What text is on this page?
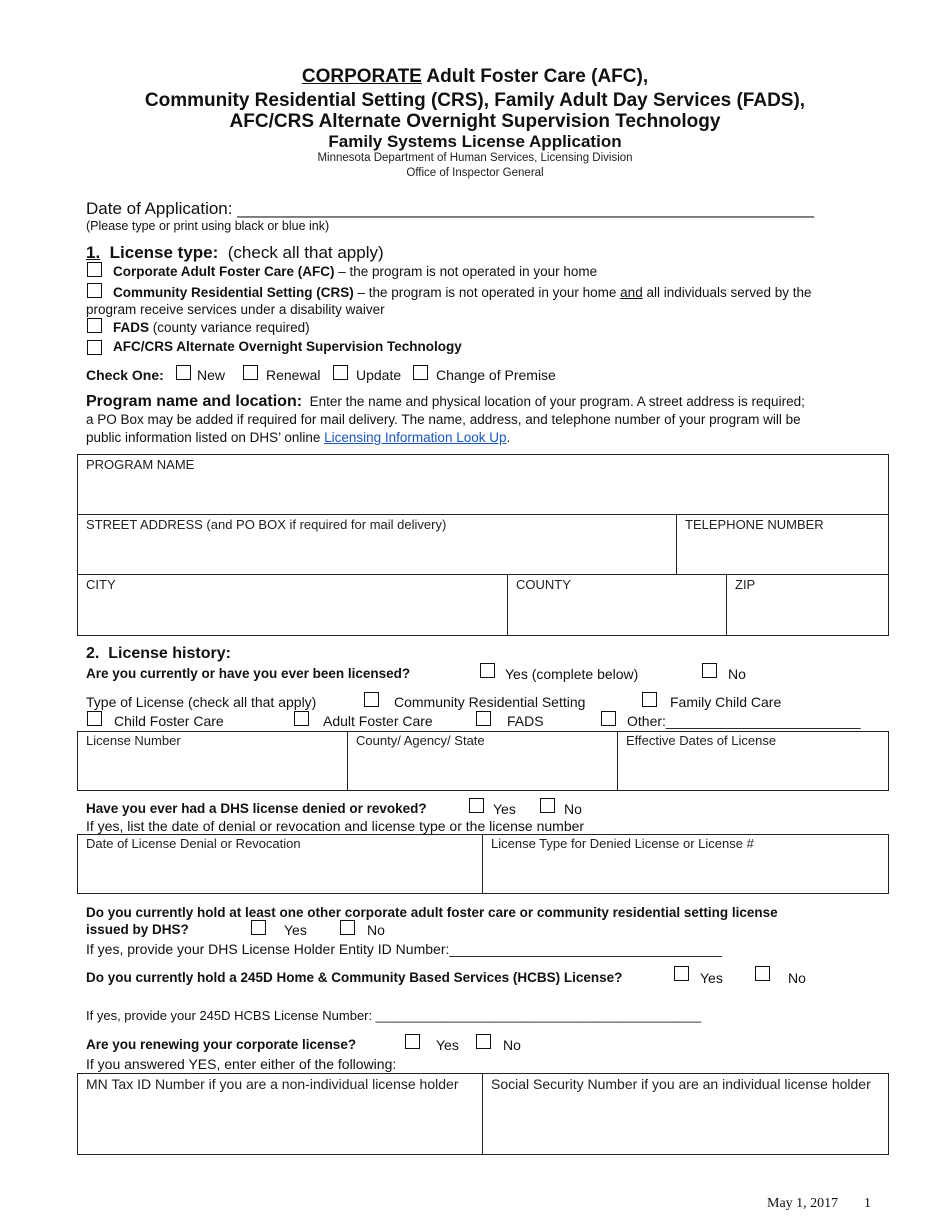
CORPORATE Adult Foster Care (AFC),
Community Residential Setting (CRS), Family Adult Day Services (FADS),
AFC/CRS Alternate Overnight Supervision Technology
Family Systems License Application
Minnesota Department of Human Services, Licensing Division
Office of Inspector General
Date of Application: _____________________________________________________________
(Please type or print using black or blue ink)
1. License type: (check all that apply)
Corporate Adult Foster Care (AFC) – the program is not operated in your home
Community Residential Setting (CRS) – the program is not operated in your home and all individuals served by the
program receive services under a disability waiver
FADS (county variance required)
AFC/CRS Alternate Overnight Supervision Technology
Check One: New	Renewal	Update Change of Premise
Program name and location: Enter the name and physical location of your program. A street address is required;
a PO Box may be added if required for mail delivery. The name, address, and telephone number of your program will be
public information listed on DHS’ online Licensing Information Look Up.
PROGRAM NAME
STREET ADDRESS (and PO BOX if required for mail delivery)	TELEPHONE NUMBER
CITY	COUNTY	ZIP
2. License history:
Are you currently or have you ever been licensed?	Yes (complete below)	No
Type of License (check all that apply)	Community Residential Setting	Family Child Care
Child Foster Care	Adult Foster Care	FADS	Other:_________________________
License Number	County/ Agency/ State	Effective Dates of License
Have you ever had a DHS license denied or revoked?	Yes	No
If yes, list the date of denial or revocation and license type or the license number
Date of License Denial or Revocation	License Type for Denied License or License #
Do you currently hold at least one other corporate adult foster care or community residential setting license
issued by DHS?	Yes	No
If yes, provide your DHS License Holder Entity ID Number:___________________________________
Do you currently hold a 245D Home & Community Based Services (HCBS) License?	Yes	No
If yes, provide your 245D HCBS License Number: _____________________________________________
Are you renewing your corporate license?	Yes	No
If you answered YES, enter either of the following:
MN Tax ID Number if you are a non-individual license holder	Social Security Number if you are an individual license holder
May 1, 2017 1
